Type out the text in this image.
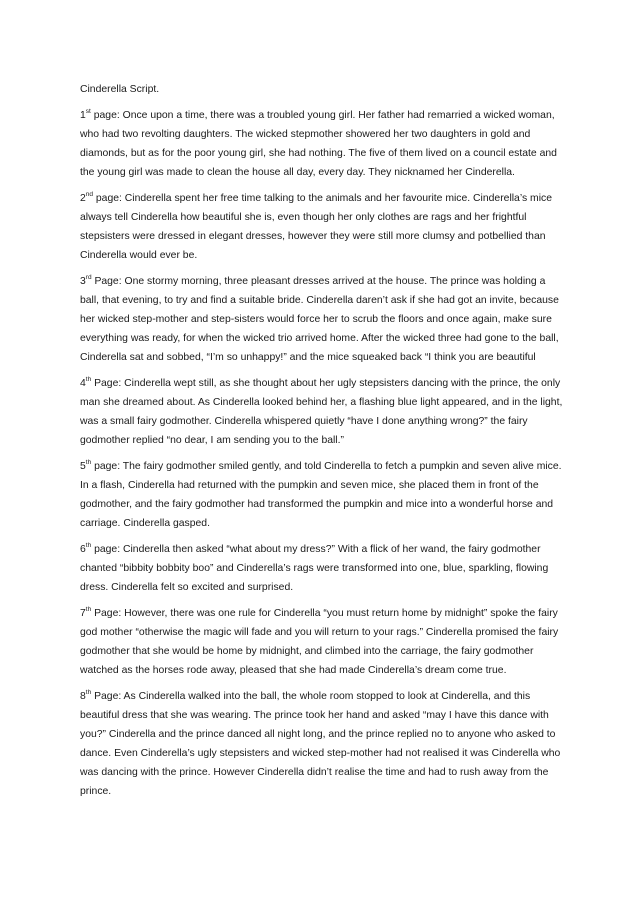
Cinderella Script.

1st page: Once upon a time, there was a troubled young girl. Her father had remarried a wicked woman, who had two revolting daughters. The wicked stepmother showered her two daughters in gold and diamonds, but as for the poor young girl, she had nothing. The five of them lived on a council estate and the young girl was made to clean the house all day, every day. They nicknamed her Cinderella.

2nd page: Cinderella spent her free time talking to the animals and her favourite mice. Cinderella’s mice always tell Cinderella how beautiful she is, even though her only clothes are rags and her frightful stepsisters were dressed in elegant dresses, however they were still more clumsy and potbellied than Cinderella would ever be.

3rd Page: One stormy morning, three pleasant dresses arrived at the house. The prince was holding a ball, that evening, to try and find a suitable bride. Cinderella daren’t ask if she had got an invite, because her wicked step-mother and step-sisters would force her to scrub the floors and once again, make sure everything was ready, for when the wicked trio arrived home. After the wicked three had gone to the ball, Cinderella sat and sobbed, “I’m so unhappy!” and the mice squeaked back “I think you are beautiful

4th Page: Cinderella wept still, as she thought about her ugly stepsisters dancing with the prince, the only man she dreamed about. As Cinderella looked behind her, a flashing blue light appeared, and in the light, was a small fairy godmother. Cinderella whispered quietly “have I done anything wrong?” the fairy godmother replied “no dear, I am sending you to the ball.”

5th page: The fairy godmother smiled gently, and told Cinderella to fetch a pumpkin and seven alive mice. In a flash, Cinderella had returned with the pumpkin and seven mice, she placed them in front of the godmother, and the fairy godmother had transformed the pumpkin and mice into a wonderful horse and carriage. Cinderella gasped.

6th page: Cinderella then asked “what about my dress?” With a flick of her wand, the fairy godmother chanted “bibbity bobbity boo” and Cinderella’s rags were transformed into one, blue, sparkling, flowing dress. Cinderella felt so excited and surprised.

7th Page: However, there was one rule for Cinderella “you must return home by midnight” spoke the fairy god mother “otherwise the magic will fade and you will return to your rags.” Cinderella promised the fairy godmother that she would be home by midnight, and climbed into the carriage, the fairy godmother watched as the horses rode away, pleased that she had made Cinderella’s dream come true.

8th Page: As Cinderella walked into the ball, the whole room stopped to look at Cinderella, and this beautiful dress that she was wearing. The prince took her hand and asked “may I have this dance with you?” Cinderella and the prince danced all night long, and the prince replied no to anyone who asked to dance. Even Cinderella’s ugly stepsisters and wicked step-mother had not realised it was Cinderella who was dancing with the prince. However Cinderella didn’t realise the time and had to rush away from the prince.
